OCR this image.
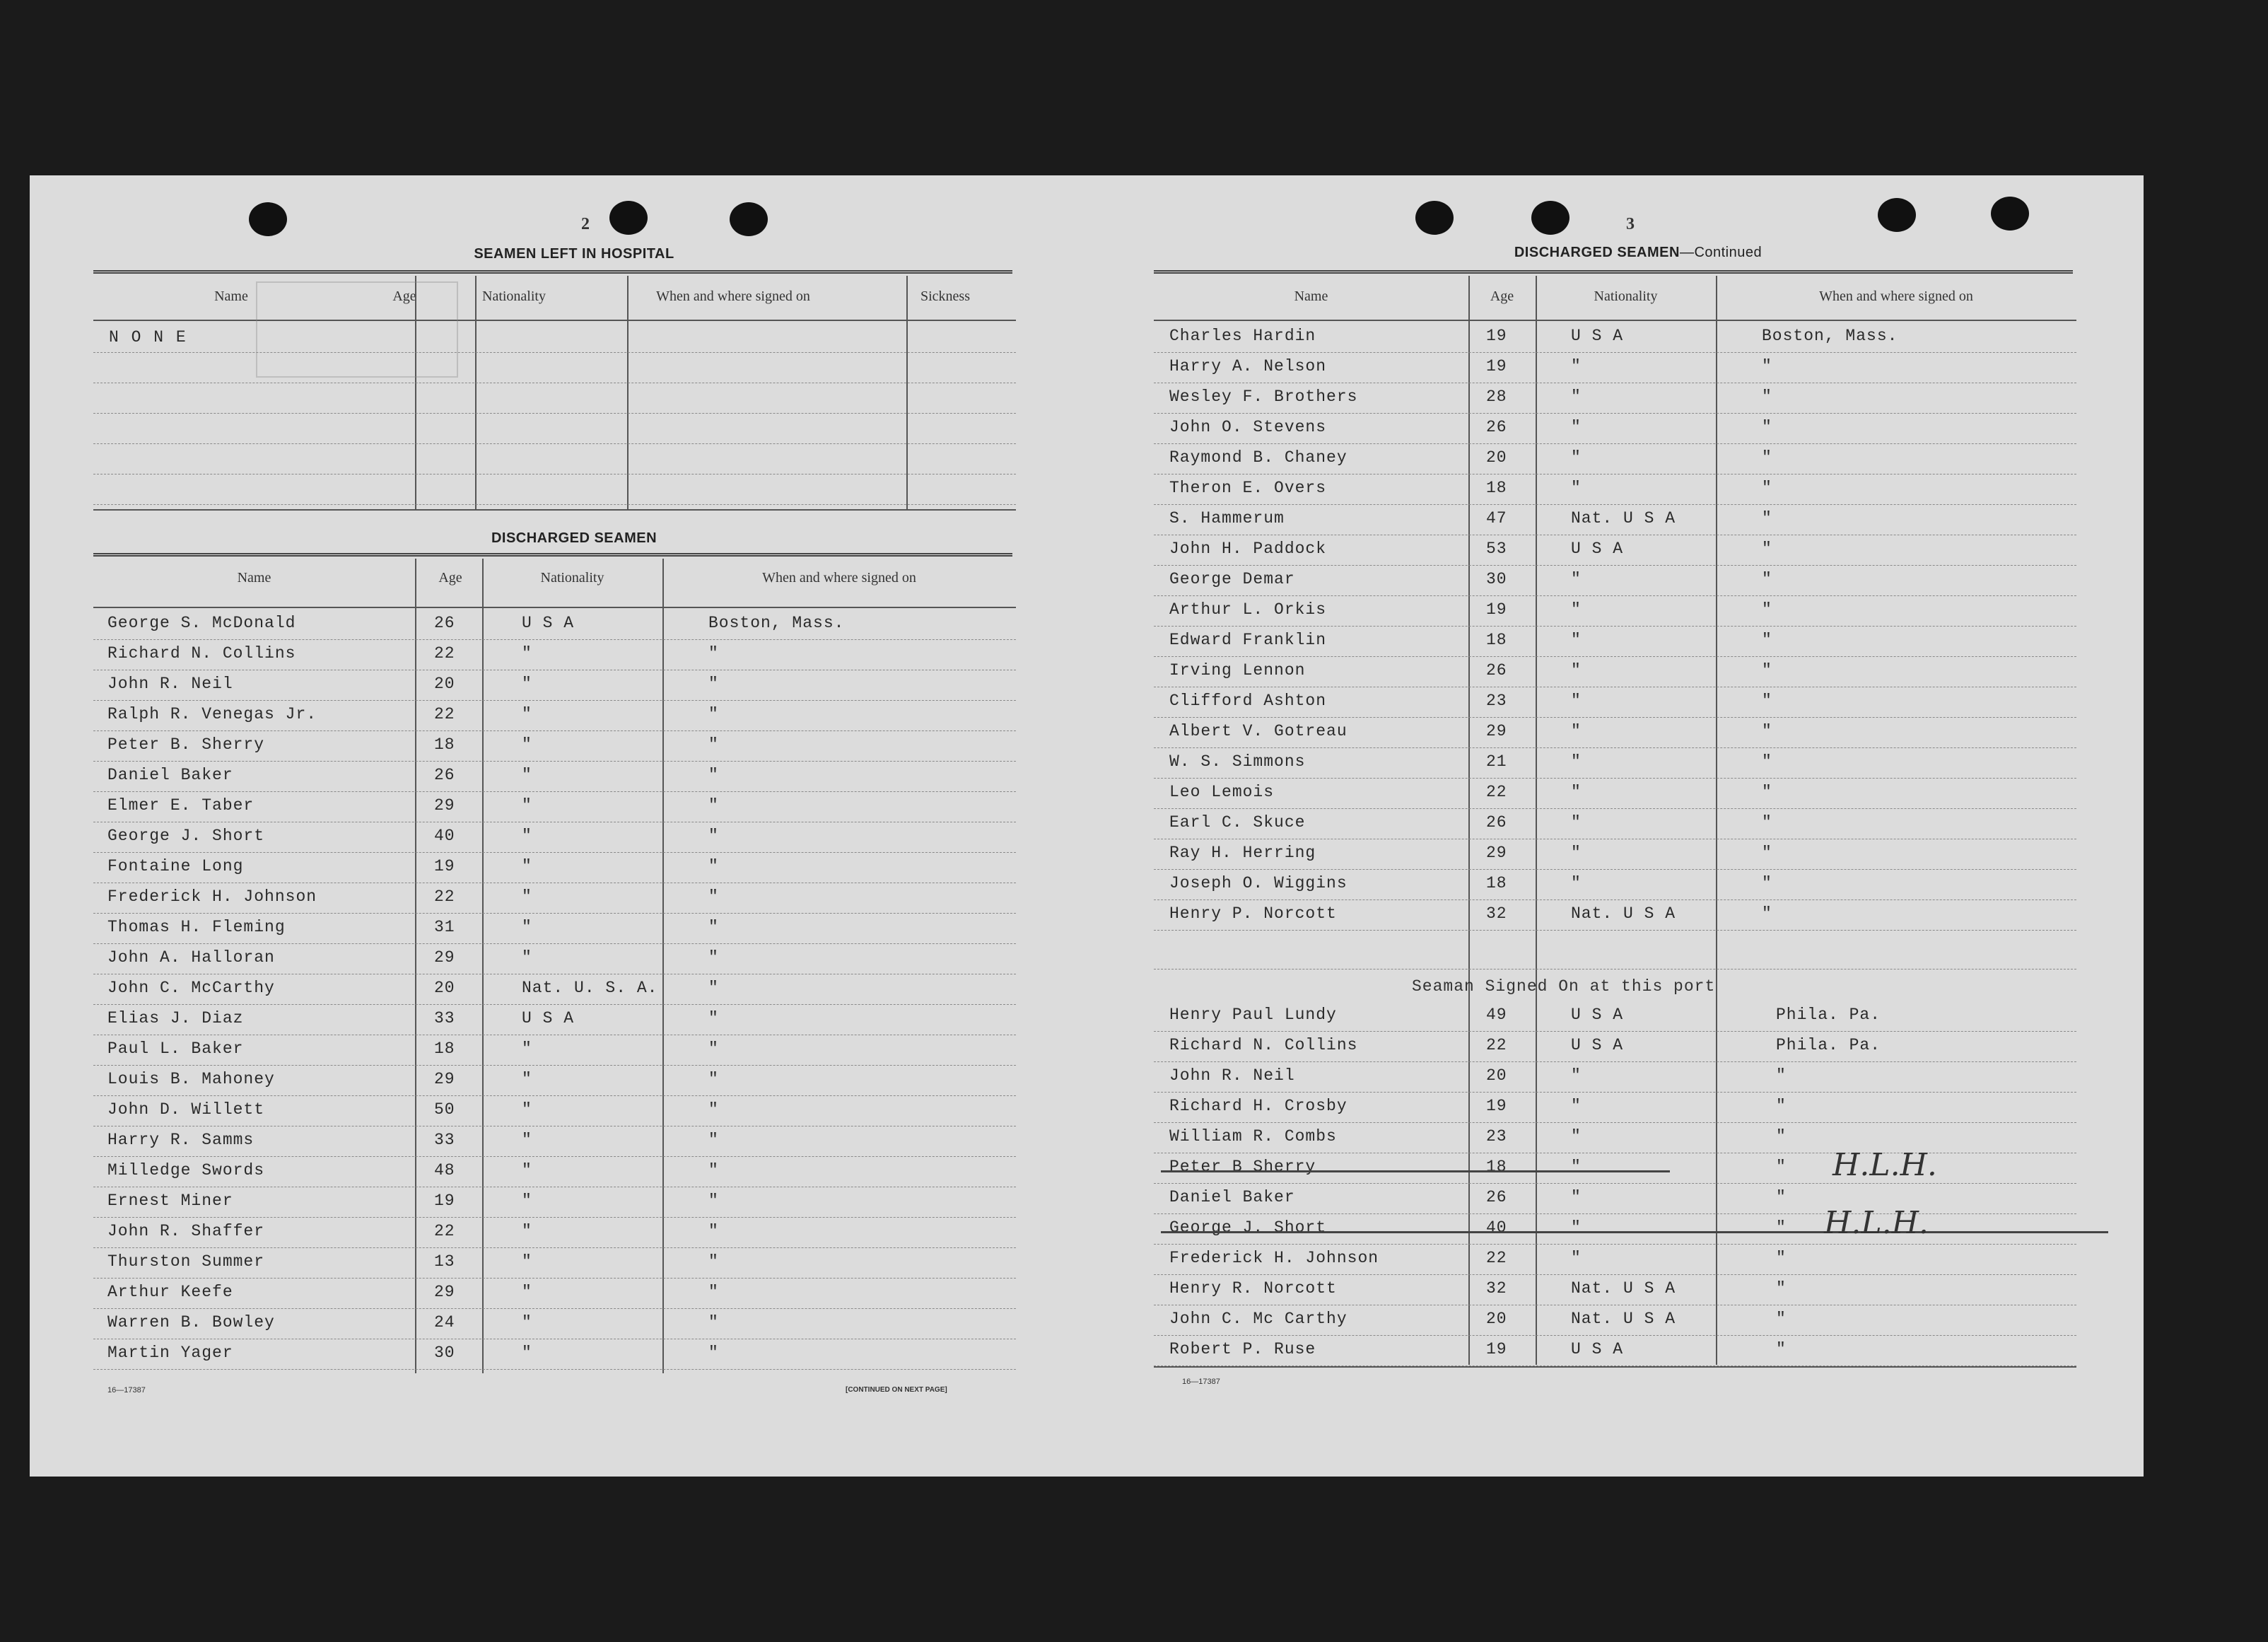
2
SEAMEN LEFT IN HOSPITAL
Name	Age	Nationality	When and where signed on	Sickness
N O N E
DISCHARGED SEAMEN
Name	Age	Nationality	When and where signed on
George S. McDonald	26	U S A	Boston, Mass.
Richard N. Collins	22	"	"
John R. Neil	20	"	"
Ralph R. Venegas Jr.	22	"	"
Peter B. Sherry	18	"	"
Daniel Baker	26	"	"
Elmer E. Taber	29	"	"
George J. Short	40	"	"
Fontaine Long	19	"	"
Frederick H. Johnson	22	"	"
Thomas H. Fleming	31	"	"
John A. Halloran	29	"	"
John C. McCarthy	20	Nat. U. S. A.	"
Elias J. Diaz	33	U S A	"
Paul L. Baker	18	"	"
Louis B. Mahoney	29	"	"
John D. Willett	50	"	"
Harry R. Samms	33	"	"
Milledge Swords	48	"	"
Ernest Miner	19	"	"
John R. Shaffer	22	"	"
Thurston Summer	13	"	"
Arthur Keefe	29	"	"
Warren B. Bowley	24	"	"
Martin Yager	30	"	"
16—17387	[CONTINUED ON NEXT PAGE]
3
DISCHARGED SEAMEN—Continued
Name	Age	Nationality	When and where signed on
Charles Hardin	19	U S A	Boston, Mass.
Harry A. Nelson	19	"	"
Wesley F. Brothers	28	"	"
John O. Stevens	26	"	"
Raymond B. Chaney	20	"	"
Theron E. Overs	18	"	"
S. Hammerum	47	Nat. U S A	"
John H. Paddock	53	U S A	"
George Demar	30	"	"
Arthur L. Orkis	19	"	"
Edward Franklin	18	"	"
Irving Lennon	26	"	"
Clifford Ashton	23	"	"
Albert V. Gotreau	29	"	"
W. S. Simmons	21	"	"
Leo Lemois	22	"	"
Earl C. Skuce	26	"	"
Ray H. Herring	29	"	"
Joseph O. Wiggins	18	"	"
Henry P. Norcott	32	Nat. U S A	"
Seaman Signed On at this port
Henry Paul Lundy	49	U S A	Phila. Pa.
Richard N. Collins	22	U S A	Phila. Pa.
John R. Neil	20	"	"
Richard H. Crosby	19	"	"
William R. Combs	23	"	"
Peter B Sherry	18	"	"
Daniel Baker	26	"	"
George J. Short	40	"	"
Frederick H. Johnson	22	"	"
Henry R. Norcott	32	Nat. U S A	"
John C. Mc Carthy	20	Nat. U S A	"
Robert P. Ruse	19	U S A	"
H.L.H.
H.L.H.
16—17387
